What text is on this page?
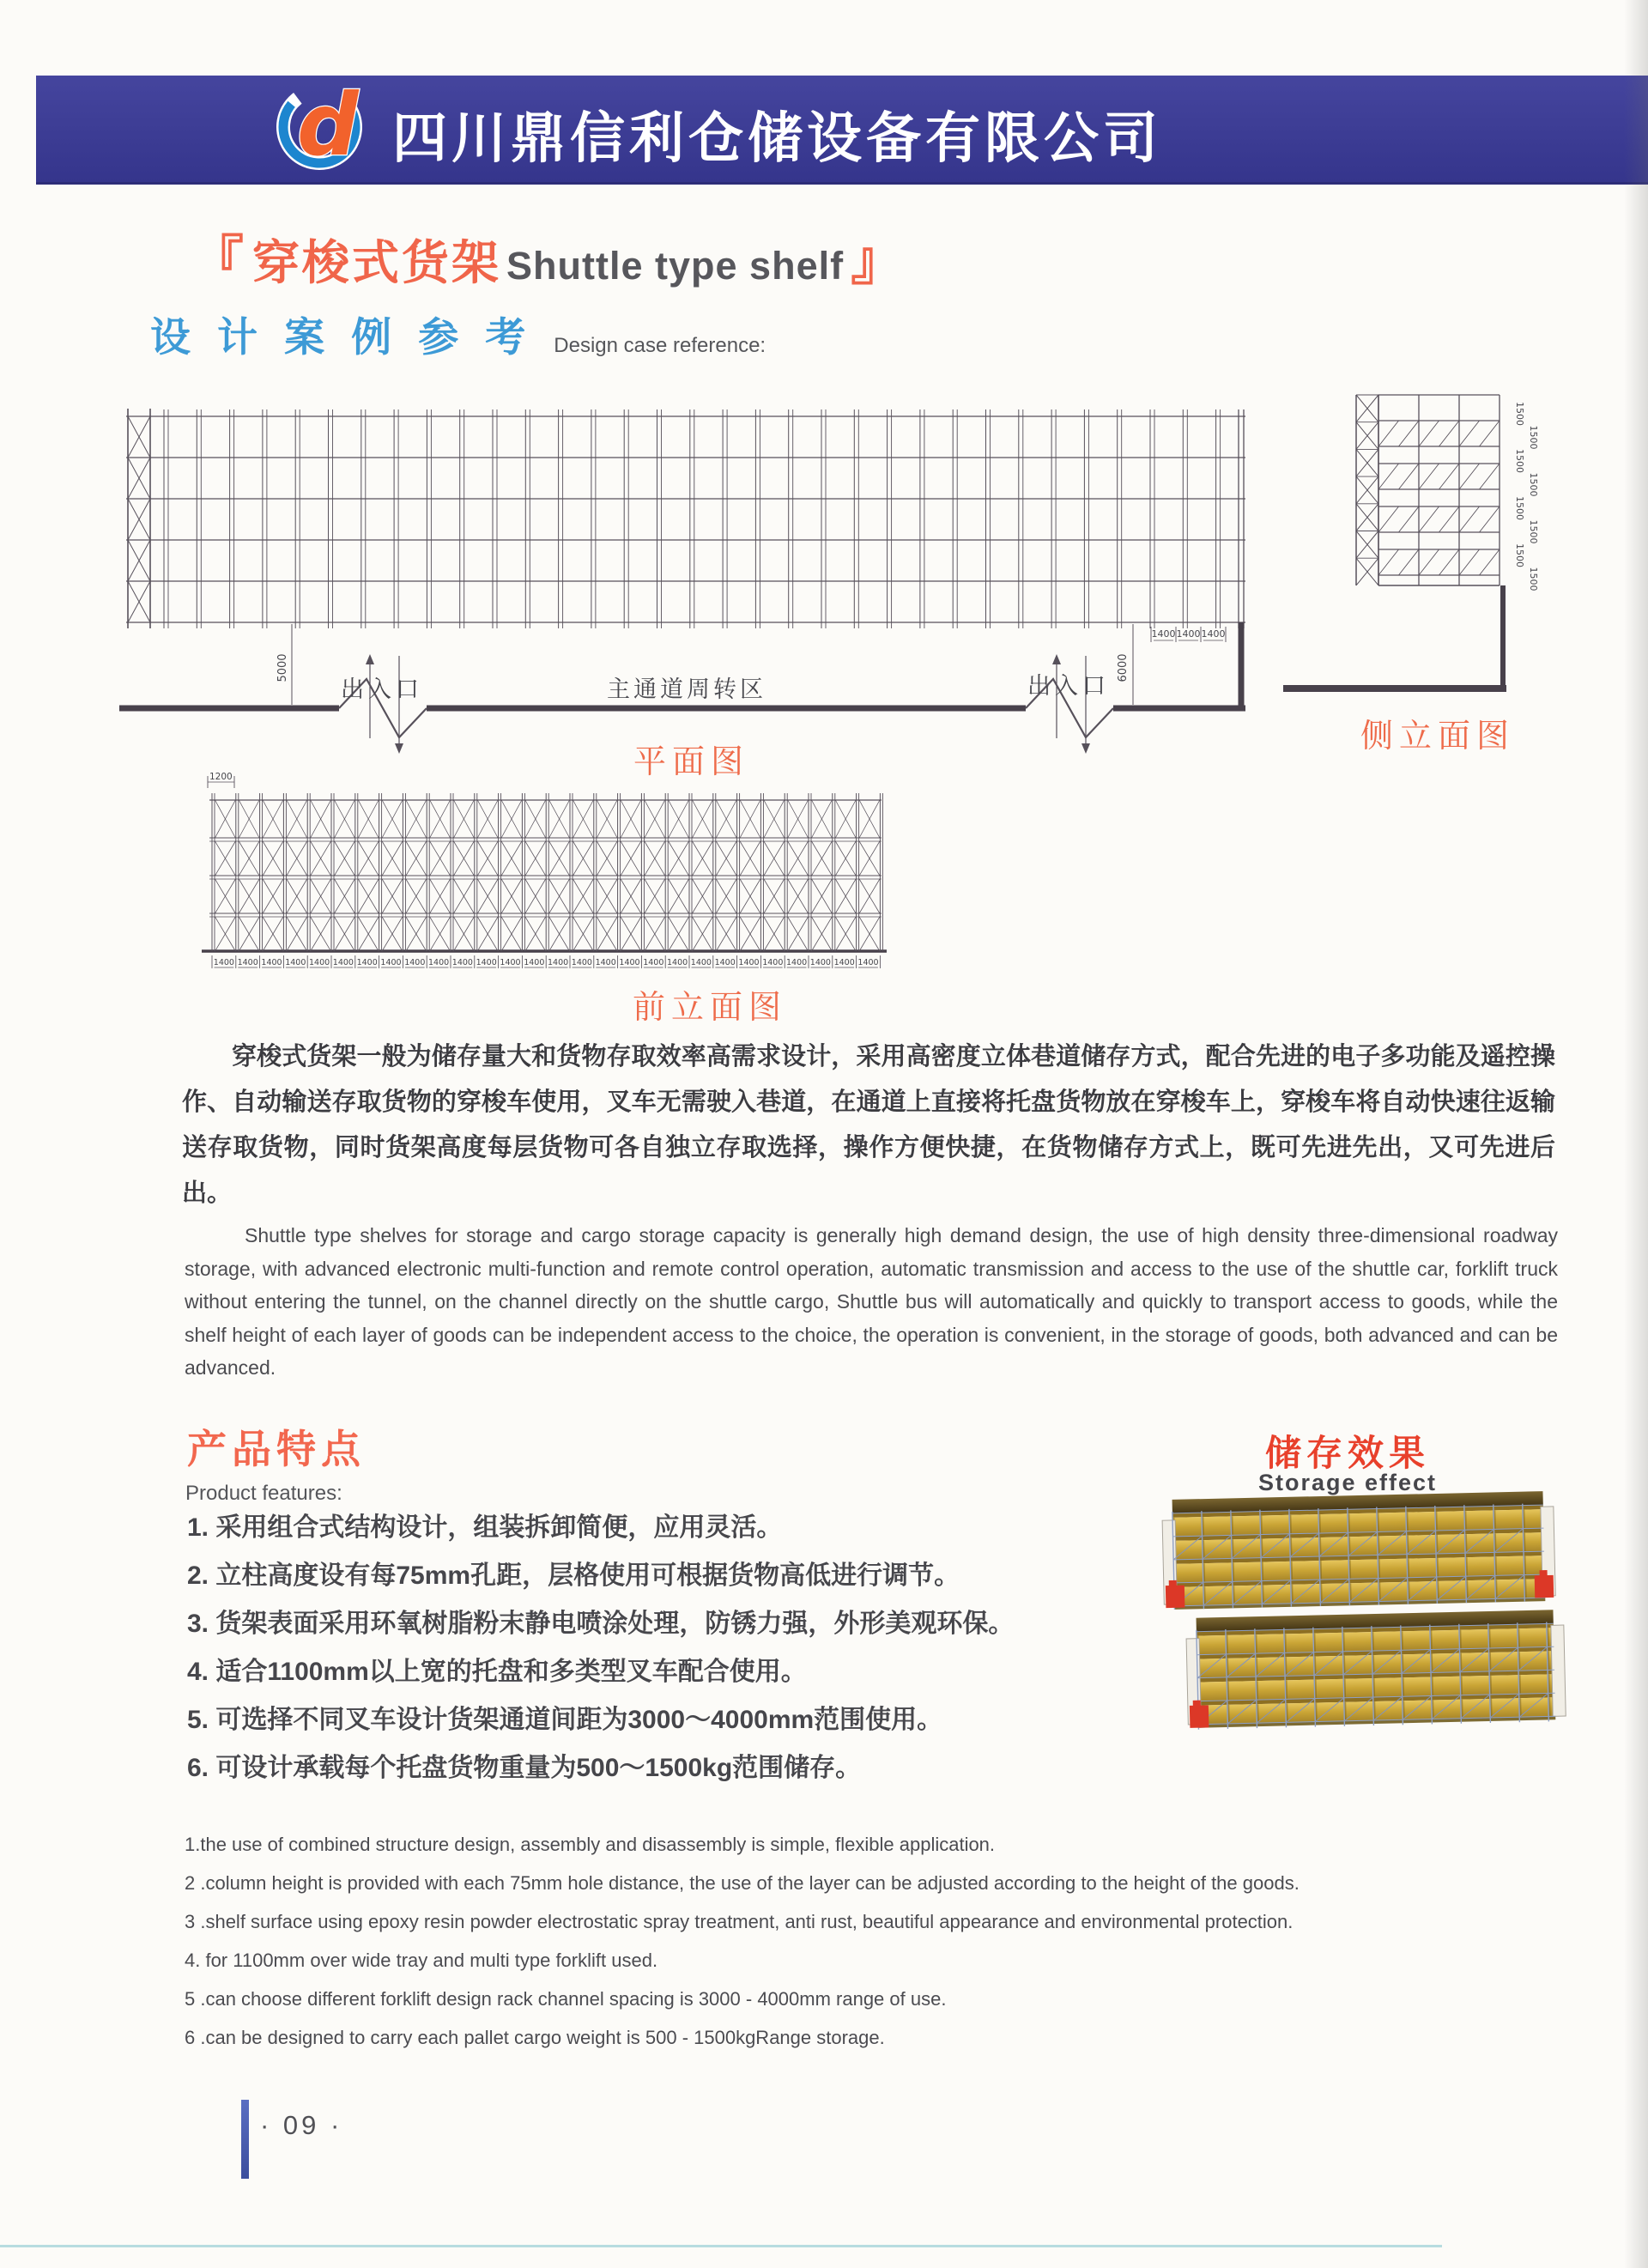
d 四川鼎信利仓储设备有限公司
『 穿梭式货架 Shuttle type shelf 』
设 计 案 例 参 考 Design case reference:
5000	6000
1400 1400 1400
出入口	出入口
主通道周转区
平面图
1500
1500
1500
1500
1500
1500
1500
1500
侧立面图
1200
1400 1400 1400 1400 1400 1400 1400 1400 1400 1400 1400 1400 1400 1400 1400 1400 1400 1400 1400 1400 1400 1400 1400 1400 1400 1400 1400 1400
前立面图

穿梭式货架一般为储存量大和货物存取效率高需求设计，采用高密度立体巷道储存方式，配合先进的电子多功能及遥控操作、自动输送存取货物的穿梭车使用，叉车无需驶入巷道，在通道上直接将托盘货物放在穿梭车上，穿梭车将自动快速往返输送存取货物，同时货架高度每层货物可各自独立存取选择，操作方便快捷，在货物储存方式上，既可先进先出，又可先进后出。

Shuttle type shelves for storage and cargo storage capacity is generally high demand design, the use of high density three-dimensional roadway storage, with advanced electronic multi-function and remote control operation, automatic transmission and access to the use of the shuttle car, forklift truck without entering the tunnel, on the channel directly on the shuttle cargo, Shuttle bus will automatically and quickly to transport access to goods, while the shelf height of each layer of goods can be independent access to the choice, the operation is convenient, in the storage of goods, both advanced and can be advanced.

产品特点
Product features:

1. 采用组合式结构设计，组装拆卸简便，应用灵活。

2. 立柱高度设有每75mm孔距，层格使用可根据货物高低进行调节。

3. 货架表面采用环氧树脂粉末静电喷涂处理，防锈力强，外形美观环保。

4. 适合1100mm以上宽的托盘和多类型叉车配合使用。

5. 可选择不同叉车设计货架通道间距为3000～4000mm范围使用。

6. 可设计承载每个托盘货物重量为500～1500kg范围储存。

储存效果
Storage effect

1.the use of combined structure design, assembly and disassembly is simple, flexible application.

2 .column height is provided with each 75mm hole distance, the use of the layer can be adjusted according to the height of the goods.

3 .shelf surface using epoxy resin powder electrostatic spray treatment, anti rust, beautiful appearance and environmental protection.

4. for 1100mm over wide tray and multi type forklift used.

5 .can choose different forklift design rack channel spacing is 3000 - 4000mm range of use.

6 .can be designed to carry each pallet cargo weight is 500 - 1500kgRange storage.

· 09 ·
